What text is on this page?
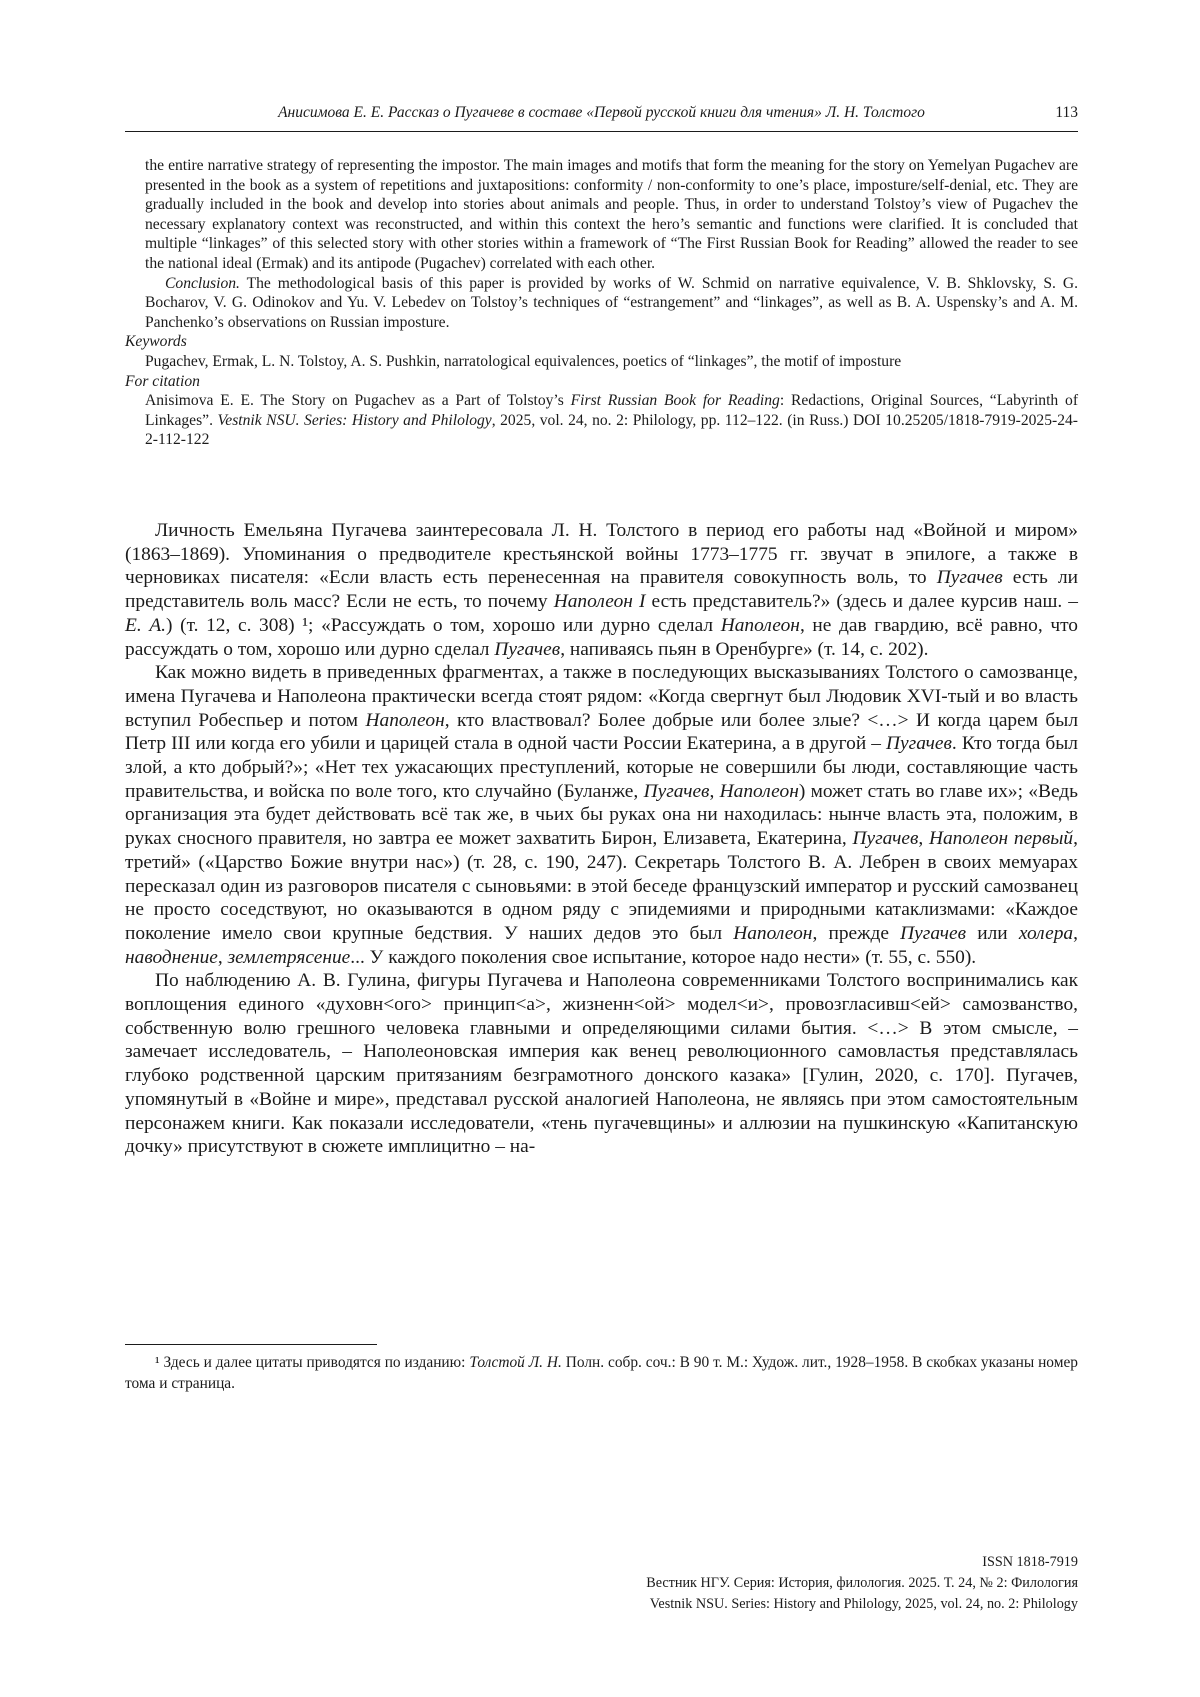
Анисимова Е. Е. Рассказ о Пугачеве в составе «Первой русской книги для чтения» Л. Н. Толстого	113

the entire narrative strategy of representing the impostor. The main images and motifs that form the meaning for the story on Yemelyan Pugachev are presented in the book as a system of repetitions and juxtapositions: conformity / non-conformity to one’s place, imposture/self-denial, etc. They are gradually included in the book and develop into stories about animals and people. Thus, in order to understand Tolstoy’s view of Pugachev the necessary explanatory context was reconstructed, and within this context the hero’s semantic and functions were clarified. It is concluded that multiple “linkages” of this selected story with other stories within a framework of “The First Russian Book for Reading” allowed the reader to see the national ideal (Ermak) and its antipode (Pugachev) correlated with each other.

Conclusion. The methodological basis of this paper is provided by works of W. Schmid on narrative equivalence, V. B. Shklovsky, S. G. Bocharov, V. G. Odinokov and Yu. V. Lebedev on Tolstoy’s techniques of “estrangement” and “linkages”, as well as B. A. Uspensky’s and A. M. Panchenko’s observations on Russian imposture.

Keywords

Pugachev, Ermak, L. N. Tolstoy, A. S. Pushkin, narratological equivalences, poetics of “linkages”, the motif of imposture

For citation

Anisimova E. E. The Story on Pugachev as a Part of Tolstoy’s First Russian Book for Reading: Redactions, Original Sources, “Labyrinth of Linkages”. Vestnik NSU. Series: History and Philology, 2025, vol. 24, no. 2: Philology, pp. 112–122. (in Russ.) DOI 10.25205/1818-7919-2025-24-2-112-122

Личность Емельяна Пугачева заинтересовала Л. Н. Толстого в период его работы над «Войной и миром» (1863–1869). Упоминания о предводителе крестьянской войны 1773–1775 гг. звучат в эпилоге, а также в черновиках писателя: «Если власть есть перенесенная на правителя совокупность воль, то Пугачев есть ли представитель воль масс? Если не есть, то почему Наполеон I есть представитель?» (здесь и далее курсив наш. – Е. А.) (т. 12, с. 308) ¹; «Рассуждать о том, хорошо или дурно сделал Наполеон, не дав гвардию, всё равно, что рассуждать о том, хорошо или дурно сделал Пугачев, напиваясь пьян в Оренбурге» (т. 14, с. 202).

Как можно видеть в приведенных фрагментах, а также в последующих высказываниях Толстого о самозванце, имена Пугачева и Наполеона практически всегда стоят рядом: «Когда свергнут был Людовик XVI-тый и во власть вступил Робеспьер и потом Наполеон, кто властвовал? Более добрые или более злые? <…> И когда царем был Петр III или когда его убили и царицей стала в одной части России Екатерина, а в другой – Пугачев. Кто тогда был злой, а кто добрый?»; «Нет тех ужасающих преступлений, которые не совершили бы люди, составляющие часть правительства, и войска по воле того, кто случайно (Буланже, Пугачев, Наполеон) может стать во главе их»; «Ведь организация эта будет действовать всё так же, в чьих бы руках она ни находилась: нынче власть эта, положим, в руках сносного правителя, но завтра ее может захватить Бирон, Елизавета, Екатерина, Пугачев, Наполеон первый, третий» («Царство Божие внутри нас») (т. 28, с. 190, 247). Секретарь Толстого В. А. Лебрен в своих мемуарах пересказал один из разговоров писателя с сыновьями: в этой беседе французский император и русский самозванец не просто соседствуют, но оказываются в одном ряду с эпидемиями и природными катаклизмами: «Каждое поколение имело свои крупные бедствия. У наших дедов это был Наполеон, прежде Пугачев или холера, наводнение, землетрясение... У каждого поколения свое испытание, которое надо нести» (т. 55, с. 550).

По наблюдению А. В. Гулина, фигуры Пугачева и Наполеона современниками Толстого воспринимались как воплощения единого «духовн<ого> принцип<а>, жизненн<ой> модел<и>, провозгласивш<ей> самозванство, собственную волю грешного человека главными и определяющими силами бытия. <…> В этом смысле, – замечает исследователь, – Наполеоновская империя как венец революционного самовластья представлялась глубоко родственной царским притязаниям безграмотного донского казака» [Гулин, 2020, с. 170]. Пугачев, упомянутый в «Войне и мире», представал русской аналогией Наполеона, не являясь при этом самостоятельным персонажем книги. Как показали исследователи, «тень пугачевщины» и аллюзии на пушкинскую «Капитанскую дочку» присутствуют в сюжете имплицитно – на-

¹ Здесь и далее цитаты приводятся по изданию: Толстой Л. Н. Полн. собр. соч.: В 90 т. М.: Худож. лит., 1928–1958. В скобках указаны номер тома и страница.

ISSN 1818-7919
Вестник НГУ. Серия: История, филология. 2025. Т. 24, № 2: Филология
Vestnik NSU. Series: History and Philology, 2025, vol. 24, no. 2: Philology
